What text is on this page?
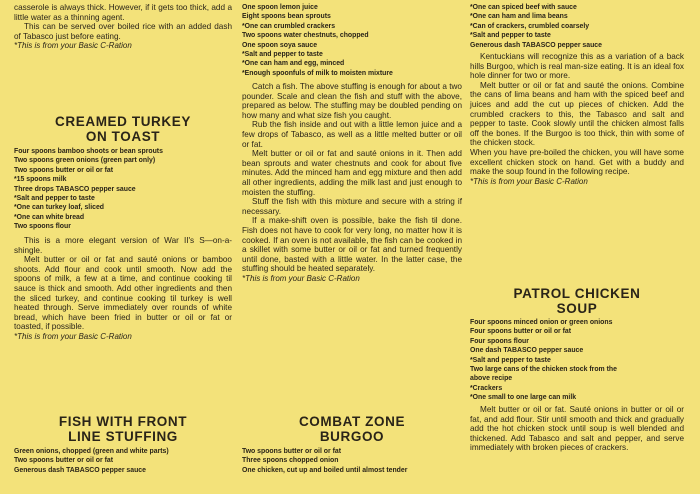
casserole is always thick. However, if it gets too thick, add a little water as a thinning agent.

This can be served over boiled rice with an added dash of Tabasco just before eating.

*This is from your Basic C-Ration

CREAMED TURKEY
ON TOAST
Four spoons bamboo shoots or bean sprouts
Two spoons green onions (green part only)
Two spoons butter or oil or fat
*15 spoons milk
Three drops TABASCO pepper sauce
*Salt and pepper to taste
*One can turkey loaf, sliced
*One can white bread
Two spoons flour

This is a more elegant version of War II's S—on-a-shingle.

Melt butter or oil or fat and sauté onions or bamboo shoots. Add flour and cook until smooth. Now add the spoons of milk, a few at a time, and continue cooking til sauce is thick and smooth. Add other ingredients and then the sliced turkey, and continue cooking til turkey is well heated through. Serve immediately over rounds of white bread, which have been fried in butter or oil or fat or toasted, if possible.

*This is from your Basic C-Ration

FISH WITH FRONT
LINE STUFFING
Green onions, chopped (green and white parts)
Two spoons butter or oil or fat
Generous dash TABASCO pepper sauce
One spoon lemon juice
Eight spoons bean sprouts
*One can crumbled crackers
Two spoons water chestnuts, chopped
One spoon soya sauce
*Salt and pepper to taste
*One can ham and egg, minced
*Enough spoonfuls of milk to moisten mixture

Catch a fish. The above stuffing is enough for about a two pounder. Scale and clean the fish and stuff with the above, prepared as below. The stuffing may be doubled pending on how many and what size fish you caught.

Rub the fish inside and out with a little lemon juice and a few drops of Tabasco, as well as a little melted butter or oil or fat.

Melt butter or oil or fat and sauté onions in it. Then add bean sprouts and water chestnuts and cook for about five minutes. Add the minced ham and egg mixture and then add all other ingredients, adding the milk last and just enough to moisten the stuffing.

Stuff the fish with this mixture and secure with a string if necessary.

If a make-shift oven is possible, bake the fish til done. Fish does not have to cook for very long, no matter how it is cooked. If an oven is not available, the fish can be cooked in a skillet with some butter or oil or fat and turned frequently until done, basted with a little water. In the latter case, the stuffing should be heated separately.

*This is from your Basic C-Ration

COMBAT ZONE
BURGOO
Two spoons butter or oil or fat
Three spoons chopped onion
One chicken, cut up and boiled until almost tender
*One can spiced beef with sauce
*One can ham and lima beans
*Can of crackers, crumbled coarsely
*Salt and pepper to taste
Generous dash TABASCO pepper sauce

Kentuckians will recognize this as a variation of a back hills Burgoo, which is real man-size eating. It is an ideal fox hole dinner for two or more.

Melt butter or oil or fat and sauté the onions. Combine the cans of lima beans and ham with the spiced beef and juices and add the cut up pieces of chicken. Add the crumbled crackers to this, the Tabasco and salt and pepper to taste. Cook slowly until the chicken almost falls off the bones. If the Burgoo is too thick, thin with some of the chicken stock.

When you have pre-boiled the chicken, you will have some excellent chicken stock on hand. Get with a buddy and make the soup found in the following recipe.

*This is from your Basic C-Ration

PATROL CHICKEN
SOUP
Four spoons minced onion or green onions
Four spoons butter or oil or fat
Four spoons flour
One dash TABASCO pepper sauce
*Salt and pepper to taste
Two large cans of the chicken stock from the
above recipe
*Crackers
*One small to one large can milk

Melt butter or oil or fat. Sauté onions in butter or oil or fat, and add flour. Stir until smooth and thick and gradually add the hot chicken stock until soup is well blended and thickened. Add Tabasco and salt and pepper, and serve immediately with broken pieces of crackers.
